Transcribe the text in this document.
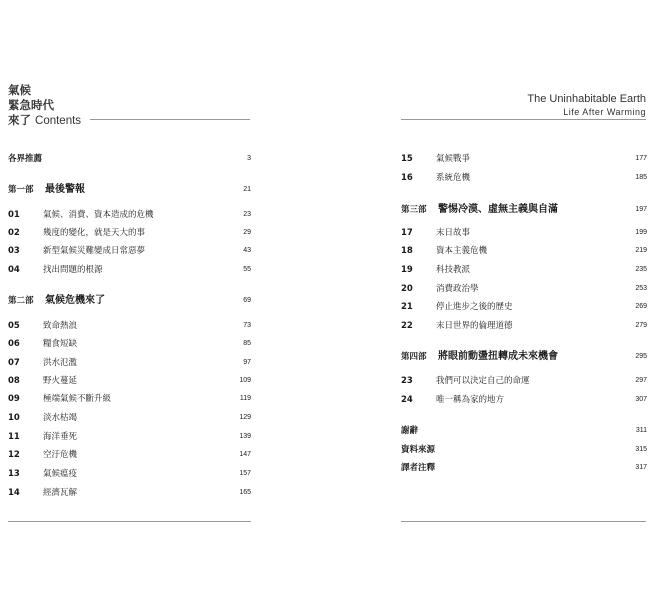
氣候
緊急時代
來了 Contents
各界推薦	3
第一部 最後警報	21
01	氣候、消費、資本造成的危機	23
02	幾度的變化，就是天大的事	29
03	新型氣候災難變成日常惡夢	43
04	找出問題的根源	55
第二部 氣候危機來了	69
05	致命熱浪	73
06	糧食短缺	85
07	洪水氾濫	97
08	野火蔓延	109
09	極端氣候不斷升級	119
10	淡水枯竭	129
11	海洋垂死	139
12	空汙危機	147
13	氣候瘟疫	157
14	經濟瓦解	165
The Uninhabitable Earth
Life After Warming
15	氣候戰爭	177
16	系統危機	185
第三部 警惕冷漠、虛無主義與自滿	197
17	末日故事	199
18	資本主義危機	219
19	科技教派	235
20	消費政治學	253
21	停止進步之後的歷史	269
22	末日世界的倫理道德	279
第四部 將眼前動盪扭轉成未來機會	295
23	我們可以決定自己的命運	297
24	唯一稱為家的地方	307
謝辭	311
資料來源	315
譯者注釋	317
